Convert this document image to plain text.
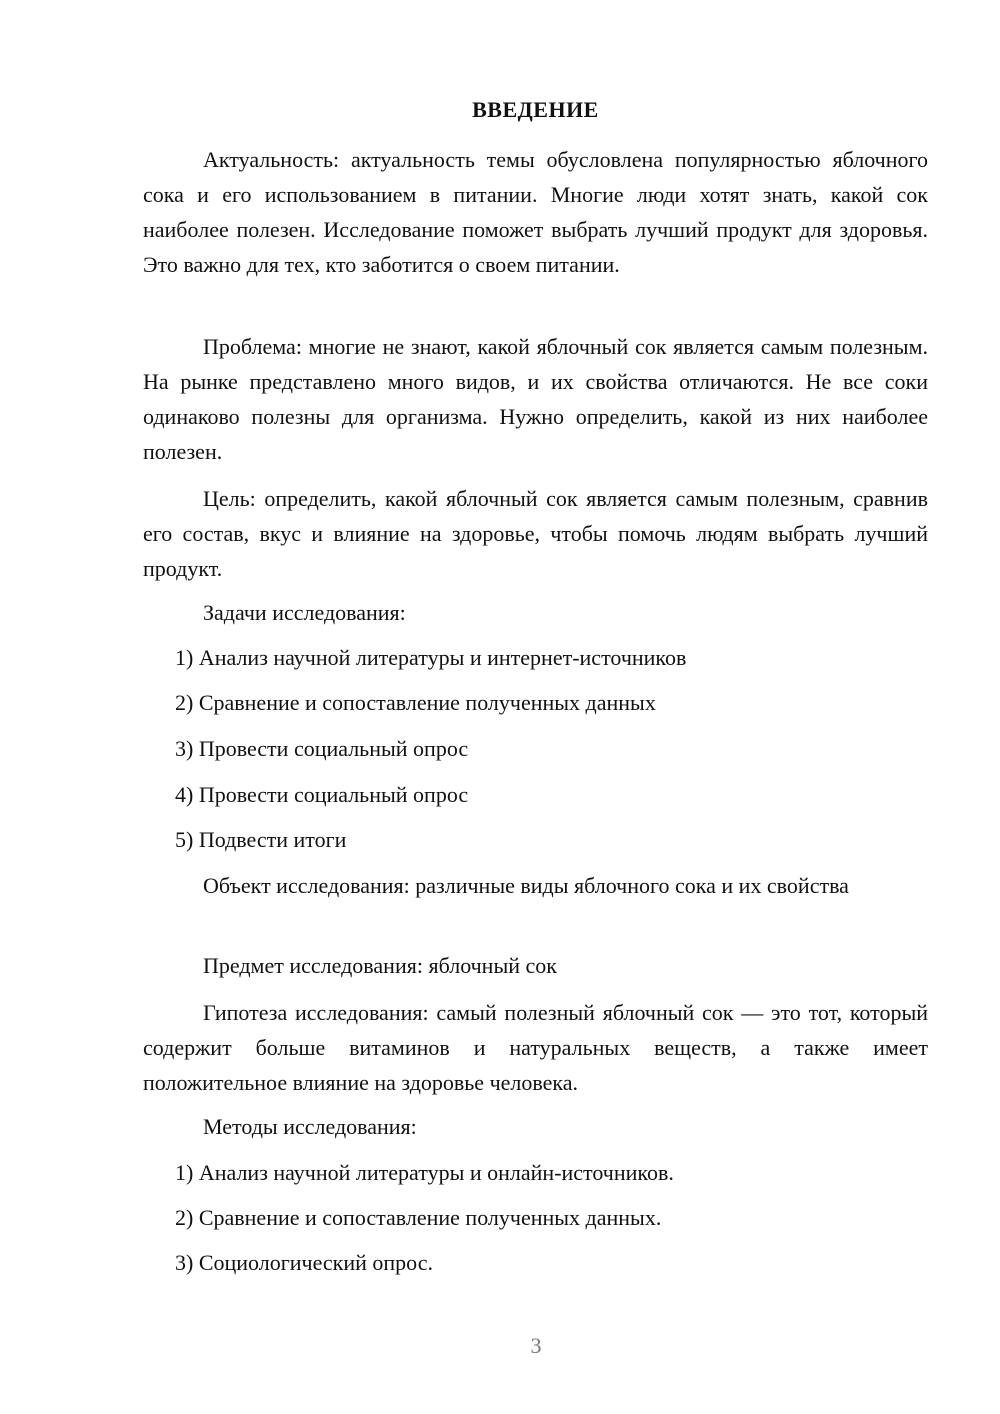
ВВЕДЕНИЕ

Актуальность: актуальность темы обусловлена популярностью яблочного сока и его использованием в питании. Многие люди хотят знать, какой сок наиболее полезен. Исследование поможет выбрать лучший продукт для здоровья. Это важно для тех, кто заботится о своем питании.

Проблема: многие не знают, какой яблочный сок является самым полезным. На рынке представлено много видов, и их свойства отличаются. Не все соки одинаково полезны для организма. Нужно определить, какой из них наиболее полезен.

Цель: определить, какой яблочный сок является самым полезным, сравнив его состав, вкус и влияние на здоровье, чтобы помочь людям выбрать лучший продукт.

Задачи исследования:
1) Анализ научной литературы и интернет-источников
2) Сравнение и сопоставление полученных данных
3) Провести социальный опрос
4) Провести социальный опрос
5) Подвести итоги

Объект исследования: различные виды яблочного сока и их свойства

Предмет исследования: яблочный сок

Гипотеза исследования: самый полезный яблочный сок — это тот, который содержит больше витаминов и натуральных веществ, а также имеет положительное влияние на здоровье человека.

Методы исследования:
1) Анализ научной литературы и онлайн-источников.
2) Сравнение и сопоставление полученных данных.
3) Социологический опрос.
3
